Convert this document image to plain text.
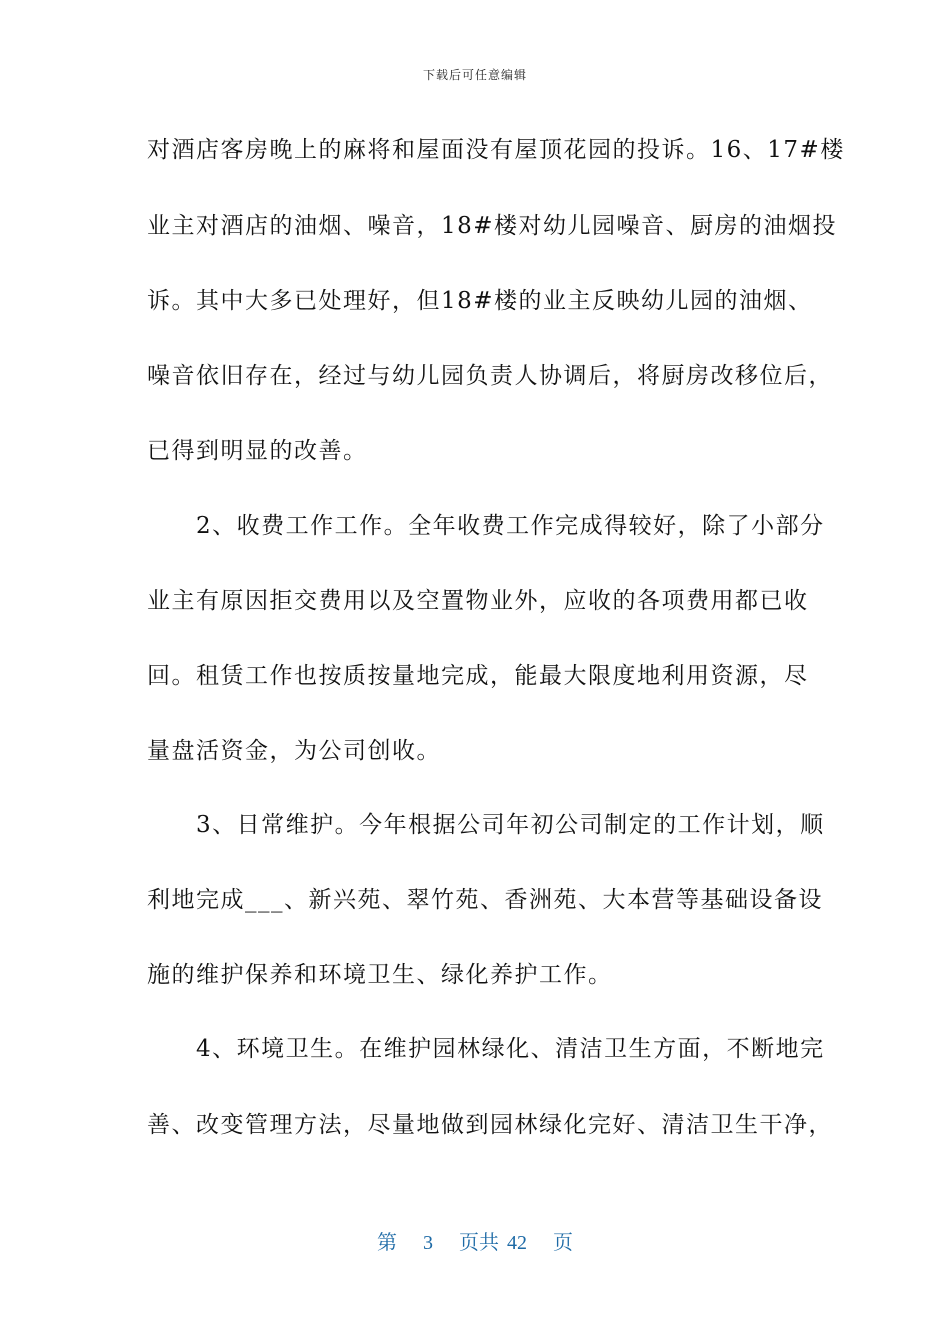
下载后可任意编辑
对酒店客房晚上的麻将和屋面没有屋顶花园的投诉。16、17#楼
业主对酒店的油烟、噪音，18#楼对幼儿园噪音、厨房的油烟投
诉。其中大多已处理好，但18#楼的业主反映幼儿园的油烟、
噪音依旧存在，经过与幼儿园负责人协调后，将厨房改移位后，
已得到明显的改善。
　　2、收费工作工作。全年收费工作完成得较好，除了小部分
业主有原因拒交费用以及空置物业外，应收的各项费用都已收
回。租赁工作也按质按量地完成，能最大限度地利用资源，尽
量盘活资金，为公司创收。
　　3、日常维护。今年根据公司年初公司制定的工作计划，顺
利地完成___、新兴苑、翠竹苑、香洲苑、大本营等基础设备设
施的维护保养和环境卫生、绿化养护工作。
　　4、环境卫生。在维护园林绿化、清洁卫生方面，不断地完
善、改变管理方法，尽量地做到园林绿化完好、清洁卫生干净，
第 3 页共 42 页
